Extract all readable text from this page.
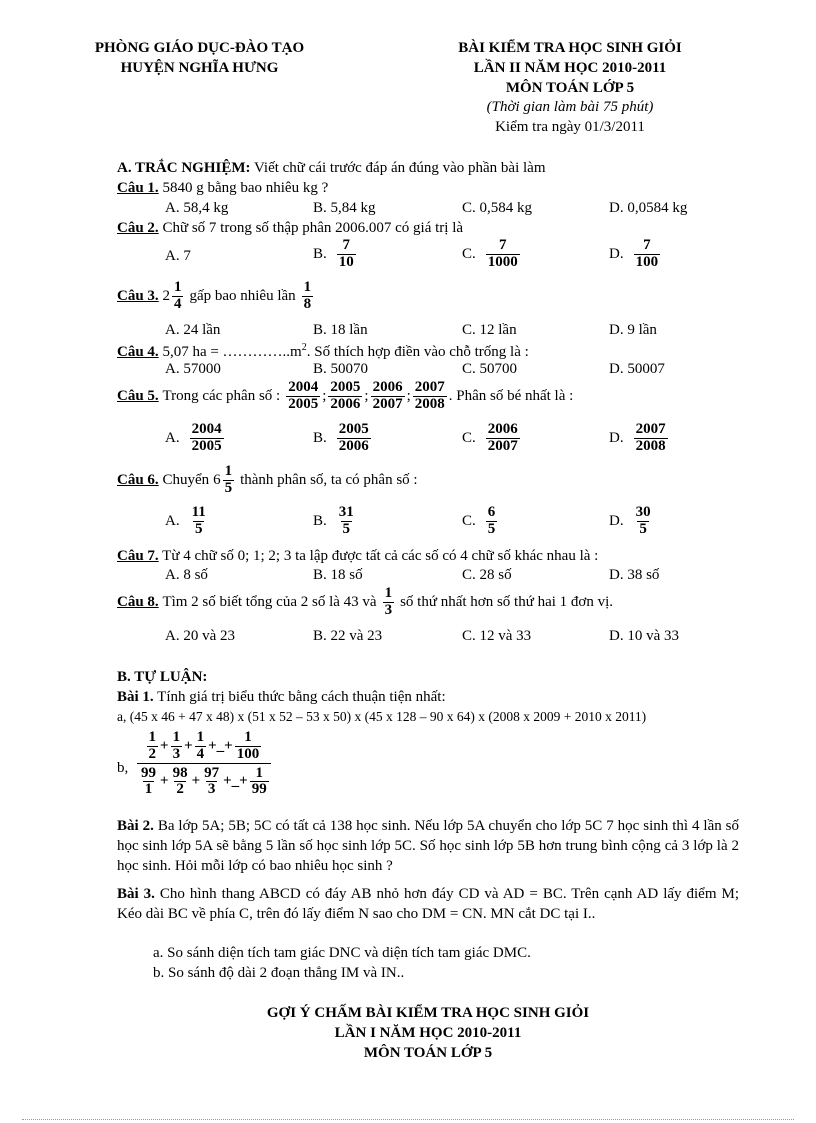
PHÒNG GIÁO DỤC-ĐÀO TẠO
HUYỆN NGHĨA HƯNG
BÀI KIỂM TRA HỌC SINH GIỎI
LẦN II NĂM HỌC 2010-2011
MÔN TOÁN LỚP 5
(Thời gian làm bài 75 phút)
Kiểm tra ngày 01/3/2011
A. TRẮC NGHIỆM: Viết chữ cái trước đáp án đúng vào phần bài làm
Câu 1. 5840 g bằng bao nhiêu kg ?
A. 58,4 kg	B. 5,84 kg	C. 0,584 kg	D. 0,0584 kg
Câu 2. Chữ số 7 trong số thập phân 2006.007 có giá trị là
A. 7	B. $\frac{7}{10}$	C. $\frac{7}{1000}$	D. $\frac{7}{100}$
Câu 3.
$2 \frac{1}{4}$ gấp bao nhiêu lần $\frac{1}{8}$
A. 24 lần	B. 18 lần	C. 12 lần	D. 9 lần
Câu 4. 5,07 ha = $\dots\dots\dots\dots..m^2$. Số thích hợp điền vào chỗ trống là :
A. 57000	B. 50070	C. 50700	D. 50007
Câu 5.
Trong các phân số : $\frac{2004}{2005}$ ; $\frac{2005}{2006}$ ; $\frac{2006}{2007}$ ; $\frac{2007}{2008}$ . Phân số bé nhất là :
A. $\frac{2004}{2005}$	B. $\frac{2005}{2006}$	C. $\frac{2006}{2007}$	D. $\frac{2007}{2008}$
Câu 6.
Chuyển $6 \frac{1}{5}$ thành phân số, ta có phân số :
A. $\frac{11}{5}$	B. $\frac{31}{5}$	C. $\frac{6}{5}$	D. $\frac{30}{5}$
Câu 7. Từ 4 chữ số 0; 1; 2; 3 ta lập được tất cả các số có 4 chữ số khác nhau là :
A. 8 số	B. 18 số	C. 28 số	D. 38 số
Câu 8.
Tìm 2 số biết tổng của 2 số là 43 và $\frac{1}{3}$ số thứ nhất hơn số thứ hai 1 đơn vị.
A. 20 và 23	B. 22 và 23	C. 12 và 33	D. 10 và 33
B. TỰ LUẬN:
Bài 1. Tính giá trị biểu thức bằng cách thuận tiện nhất:
a, (45 x 46 + 47 x 48) x (51 x 52 – 53 x 50) x (45 x 128 – 90 x 64) x (2008 x 2009 + 2010 x 2011)
b, $\frac{\frac{1}{2} + \frac{1}{3} + \frac{1}{4} +\_+ \frac{1}{100}}{\frac{99}{1} + \frac{98}{2} + \frac{97}{3} +\_+ \frac{1}{99}}$
Bài 2. Ba lớp 5A; 5B; 5C có tất cả 138 học sinh. Nếu lớp 5A chuyển cho lớp 5C 7 học sinh thì 4 lần số học sinh lớp 5A sẽ bằng 5 lần số học sinh lớp 5C. Số học sinh lớp 5B hơn trung bình cộng cả 3 lớp là 2 học sinh. Hỏi mỗi lớp có bao nhiêu học sinh ?
Bài 3. Cho hình thang ABCD có đáy AB nhỏ hơn đáy CD và AD = BC. Trên cạnh AD lấy điểm M; Kéo dài BC về phía C, trên đó lấy điểm N sao cho DM = CN. MN cắt DC tại I..
a. So sánh diện tích tam giác DNC và diện tích tam giác DMC.
b. So sánh độ dài 2 đoạn thẳng IM và IN..
GỢI Ý CHẤM BÀI KIỂM TRA HỌC SINH GIỎI
LẦN I NĂM HỌC 2010-2011
MÔN TOÁN LỚP 5
